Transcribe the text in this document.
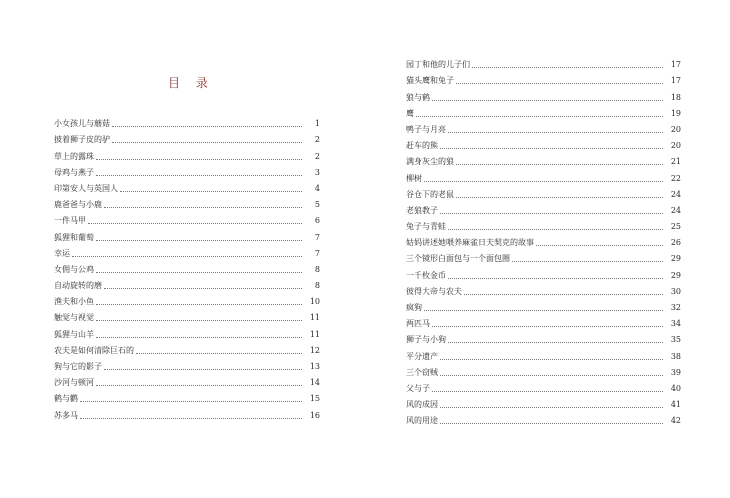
目 录
小女孩儿与蘑菇	1
披着狮子皮的驴	2
草上的露珠	2
母鸡与燕子	3
印第安人与英国人	4
鹿爸爸与小鹿	5
一件马甲	6
狐狸和葡萄	7
幸运	7
女佣与公鸡	8
自动旋转的磨	8
渔夫和小鱼	10
触觉与视觉	11
狐狸与山羊	11
农夫是如何清除巨石的	12
狗与它的影子	13
沙河与顿河	14
鹤与鹳	15
苏多马	16
园丁和他的儿子们	17
猫头鹰和兔子	17
狼与鹤	18
鹰	19
鸭子与月亮	20
赶车的熊	20
满身灰尘的狼	21
柳树	22
谷仓下的老鼠	24
老狼教子	24
兔子与青蛙	25
姑妈讲述她喂养麻雀日夫契克的故事	26
三个镜形白面包与一个面包圈	29
一千枚金币	29
彼得大帝与农夫	30
疯狗	32
两匹马	34
狮子与小狗	35
平分遗产	38
三个窃贼	39
父与子	40
风的成因	41
风的用途	42
